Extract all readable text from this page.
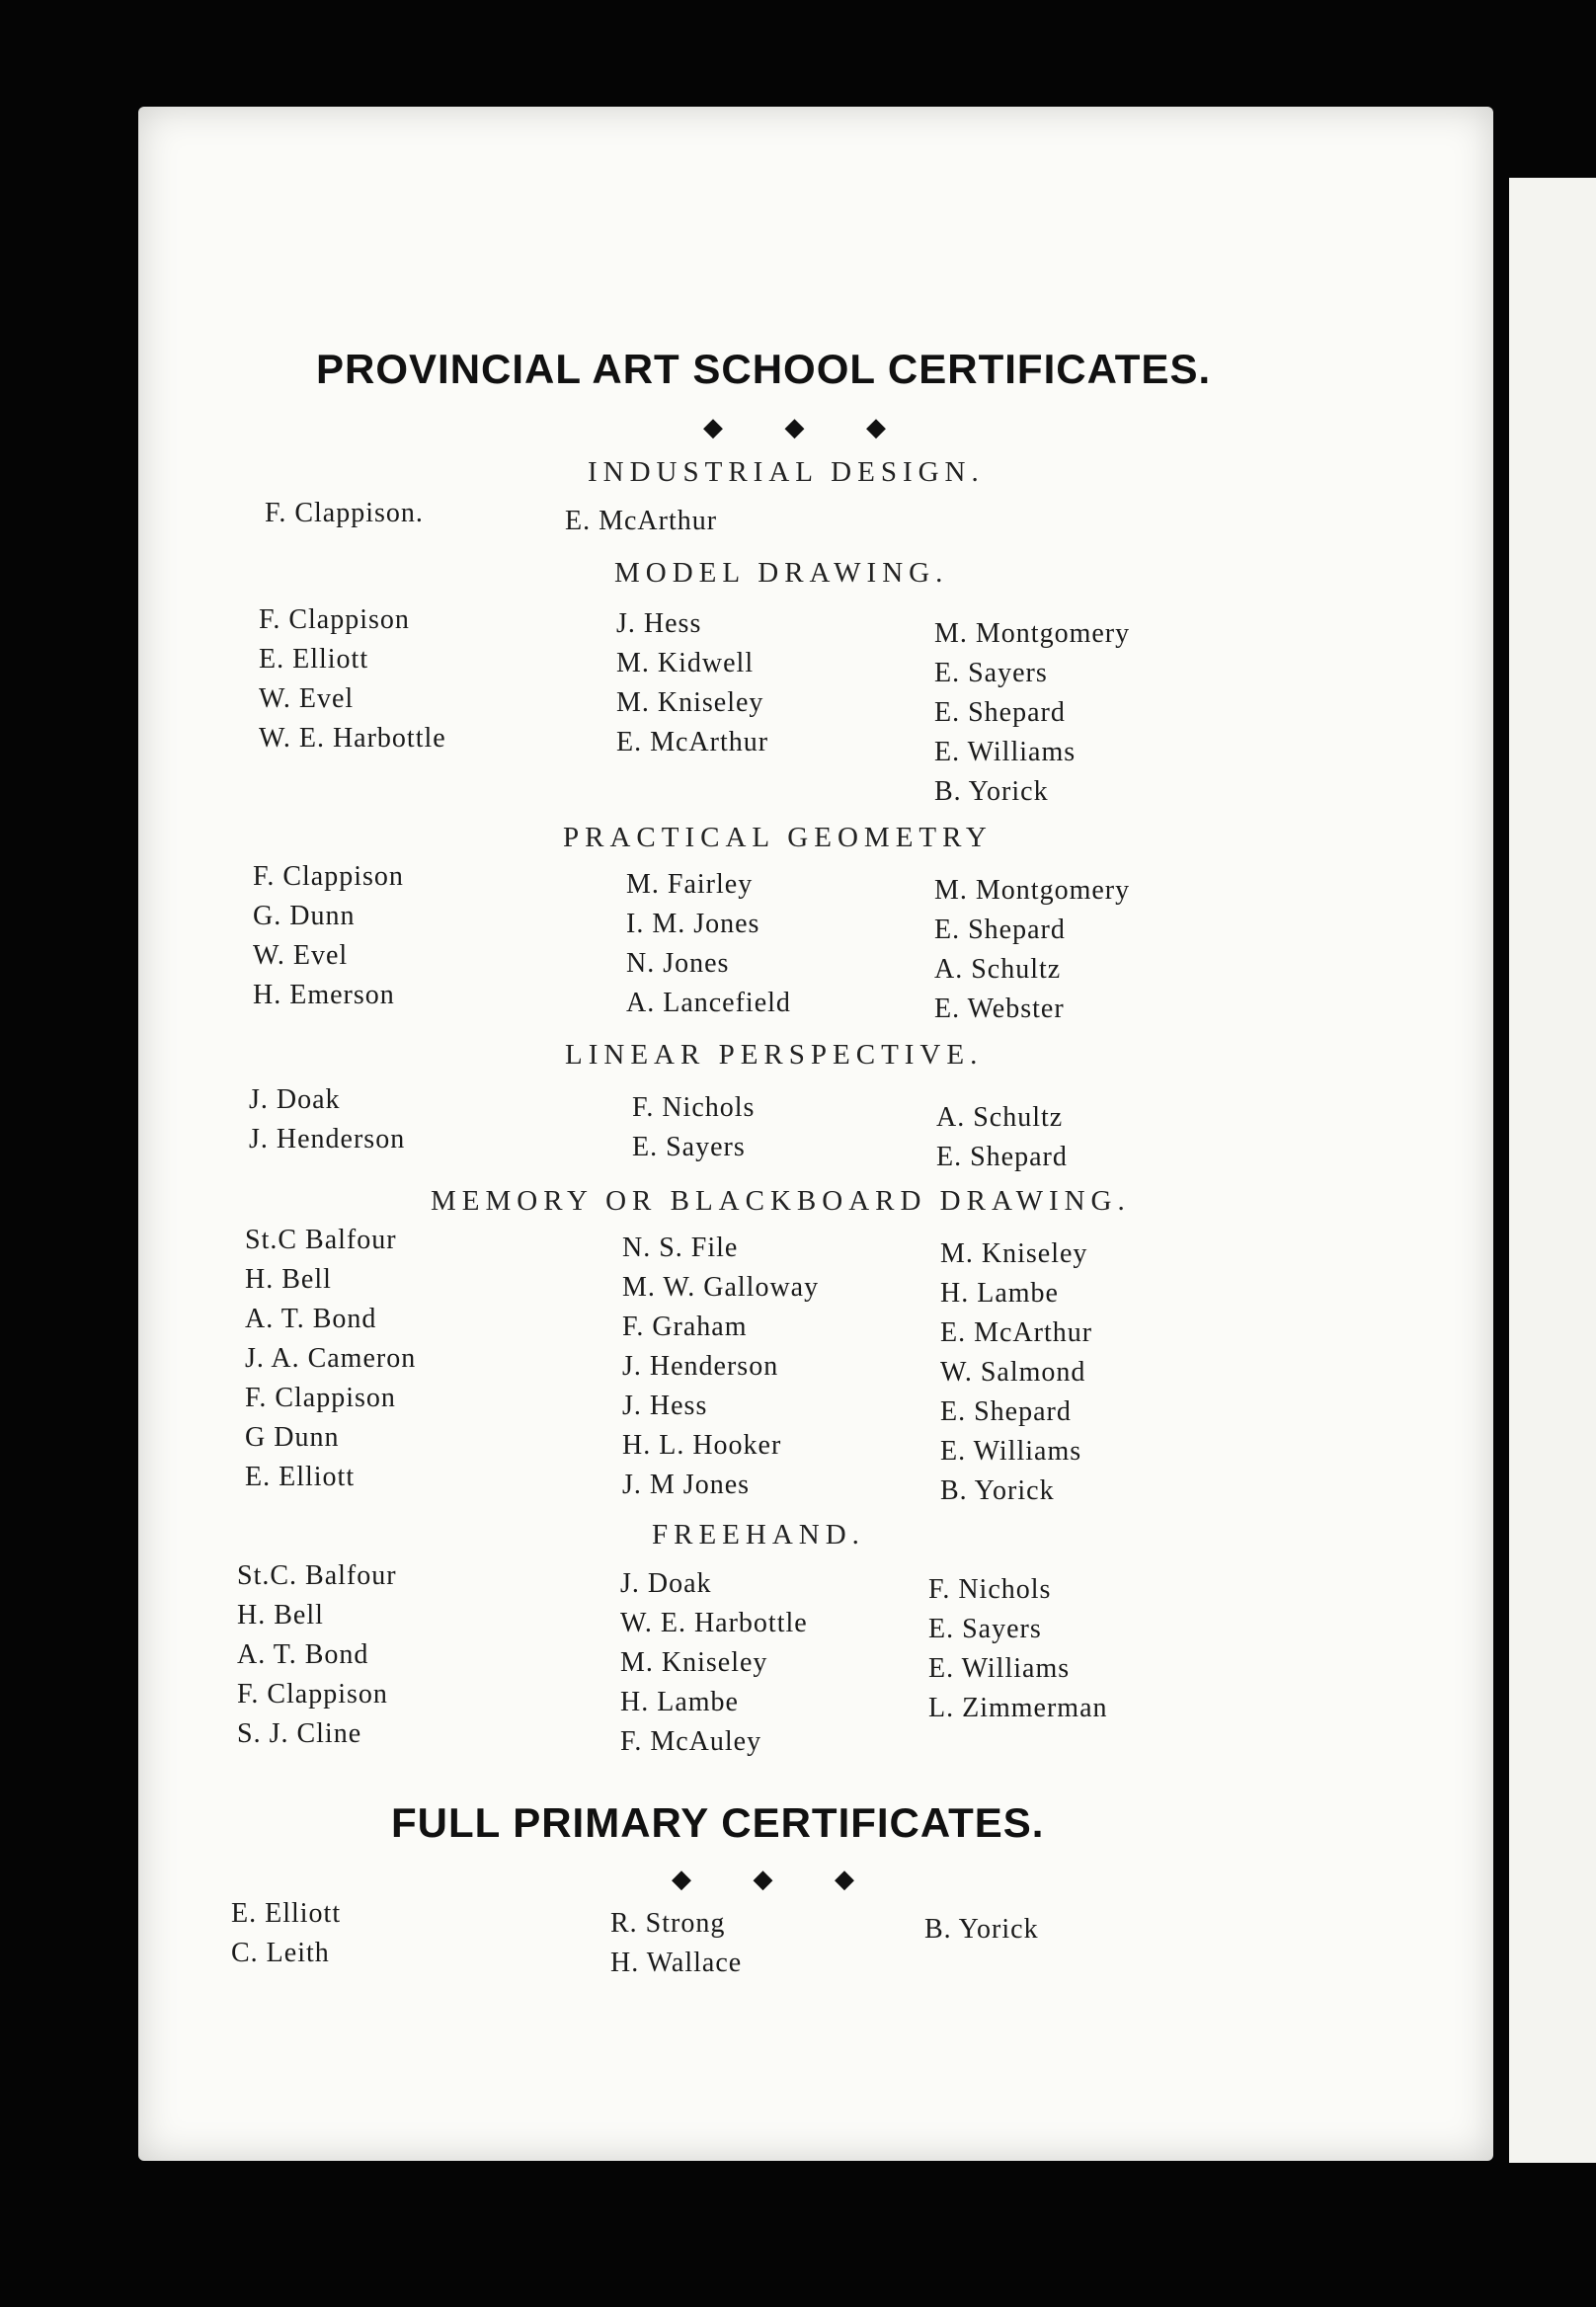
PROVINCIAL ART SCHOOL CERTIFICATES.
◆ ◆ ◆
INDUSTRIAL DESIGN.
F. Clappison.	E. McArthur
MODEL DRAWING.
F. Clappison
E. Elliott
W. Evel
W. E. Harbottle
J. Hess
M. Kidwell
M. Kniseley
E. McArthur
M. Montgomery
E. Sayers
E. Shepard
E. Williams
B. Yorick
PRACTICAL GEOMETRY
F. Clappison
G. Dunn
W. Evel
H. Emerson
M. Fairley
I. M. Jones
N. Jones
A. Lancefield
M. Montgomery
E. Shepard
A. Schultz
E. Webster
LINEAR PERSPECTIVE.
J. Doak
J. Henderson
F. Nichols
E. Sayers
A. Schultz
E. Shepard
MEMORY OR BLACKBOARD DRAWING.
St.C Balfour
H. Bell
A. T. Bond
J. A. Cameron
F. Clappison
G Dunn
E. Elliott
N. S. File
M. W. Galloway
F. Graham
J. Henderson
J. Hess
H. L. Hooker
J. M Jones
M. Kniseley
H. Lambe
E. McArthur
W. Salmond
E. Shepard
E. Williams
B. Yorick
FREEHAND.
St.C. Balfour
H. Bell
A. T. Bond
F. Clappison
S. J. Cline
J. Doak
W. E. Harbottle
M. Kniseley
H. Lambe
F. McAuley
F. Nichols
E. Sayers
E. Williams
L. Zimmerman
FULL PRIMARY CERTIFICATES.
◆ ◆ ◆
E. Elliott
C. Leith
R. Strong
H. Wallace
B. Yorick
